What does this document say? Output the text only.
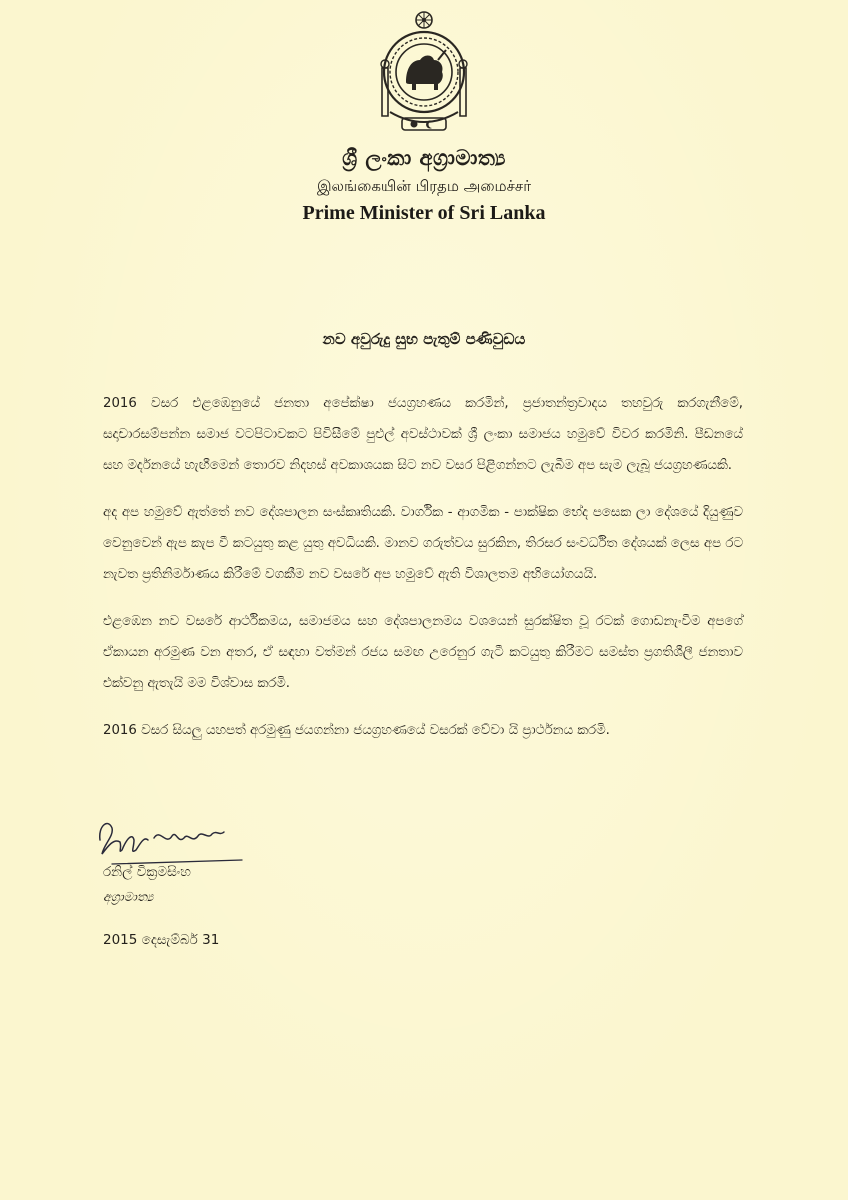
ශ්‍රී ලංකා අග්‍රාමාත්‍ය
இலங்கையின் பிரதம அமைச்சர்
Prime Minister of Sri Lanka
නව අවුරුදු සුභ පැතුම් පණිවුඩය

2016 වසර එළඹෙනුයේ ජනතා අපේක්ෂා ජයග්‍රහණය කරමින්, ප්‍රජාතන්ත්‍රවාදය තහවුරු කරගැනීමේ, සදාචාරසම්පන්න සමාජ වටපිටාවකට පිවිසීමේ පුළුල් අවස්ථාවක් ශ්‍රී ලංකා සමාජය හමුවේ විවර කරමිනි. පීඩනයේ සහ මර්දනයේ හැඟීමෙන් තොරව නිදහස් අවකාශයක සිට නව වසර පිළිගන්නට ලැබීම අප සැම ලැබූ ජයග්‍රහණයකි.

අද අප හමුවේ ඇත්තේ නව දේශපාලන සංස්කෘතියකි. වාර්ගික - ආගමික - පාක්ෂික භේද පසෙක ලා දේශයේ දියුණුව වෙනුවෙන් ඇප කැප වී කටයුතු කළ යුතු අවධියකි. මානව ගරුත්වය සුරකින, තිරසර සංවර්ධිත දේශයක් ලෙස අප රට නැවත ප්‍රතිනිර්මාණය කිරීමේ වගකීම නව වසරේ අප හමුවේ ඇති විශාලතම අභියෝගයයි.

එළඹෙන නව වසරේ ආර්ථිකමය, සමාජමය සහ දේශපාලනමය වශයෙන් සුරක්ෂිත වූ රටක් ගොඩනැංවීම අපගේ ඒකායන අරමුණ වන අතර, ඒ සඳහා වත්මන් රජය සමඟ උරෙනුර ගැටී කටයුතු කිරීමට සමස්ත ප්‍රගතිශීලී ජනතාව එක්වනු ඇතැයි මම විශ්වාස කරමි.

2016 වසර සියලු යහපත් අරමුණු ජයගන්නා ජයග්‍රහණයේ වසරක් වේවා යි ප්‍රාර්ථනය කරමි.

රනිල් වික්‍රමසිංහ
අග්‍රාමාත්‍ය
2015 දෙසැම්බර් 31
